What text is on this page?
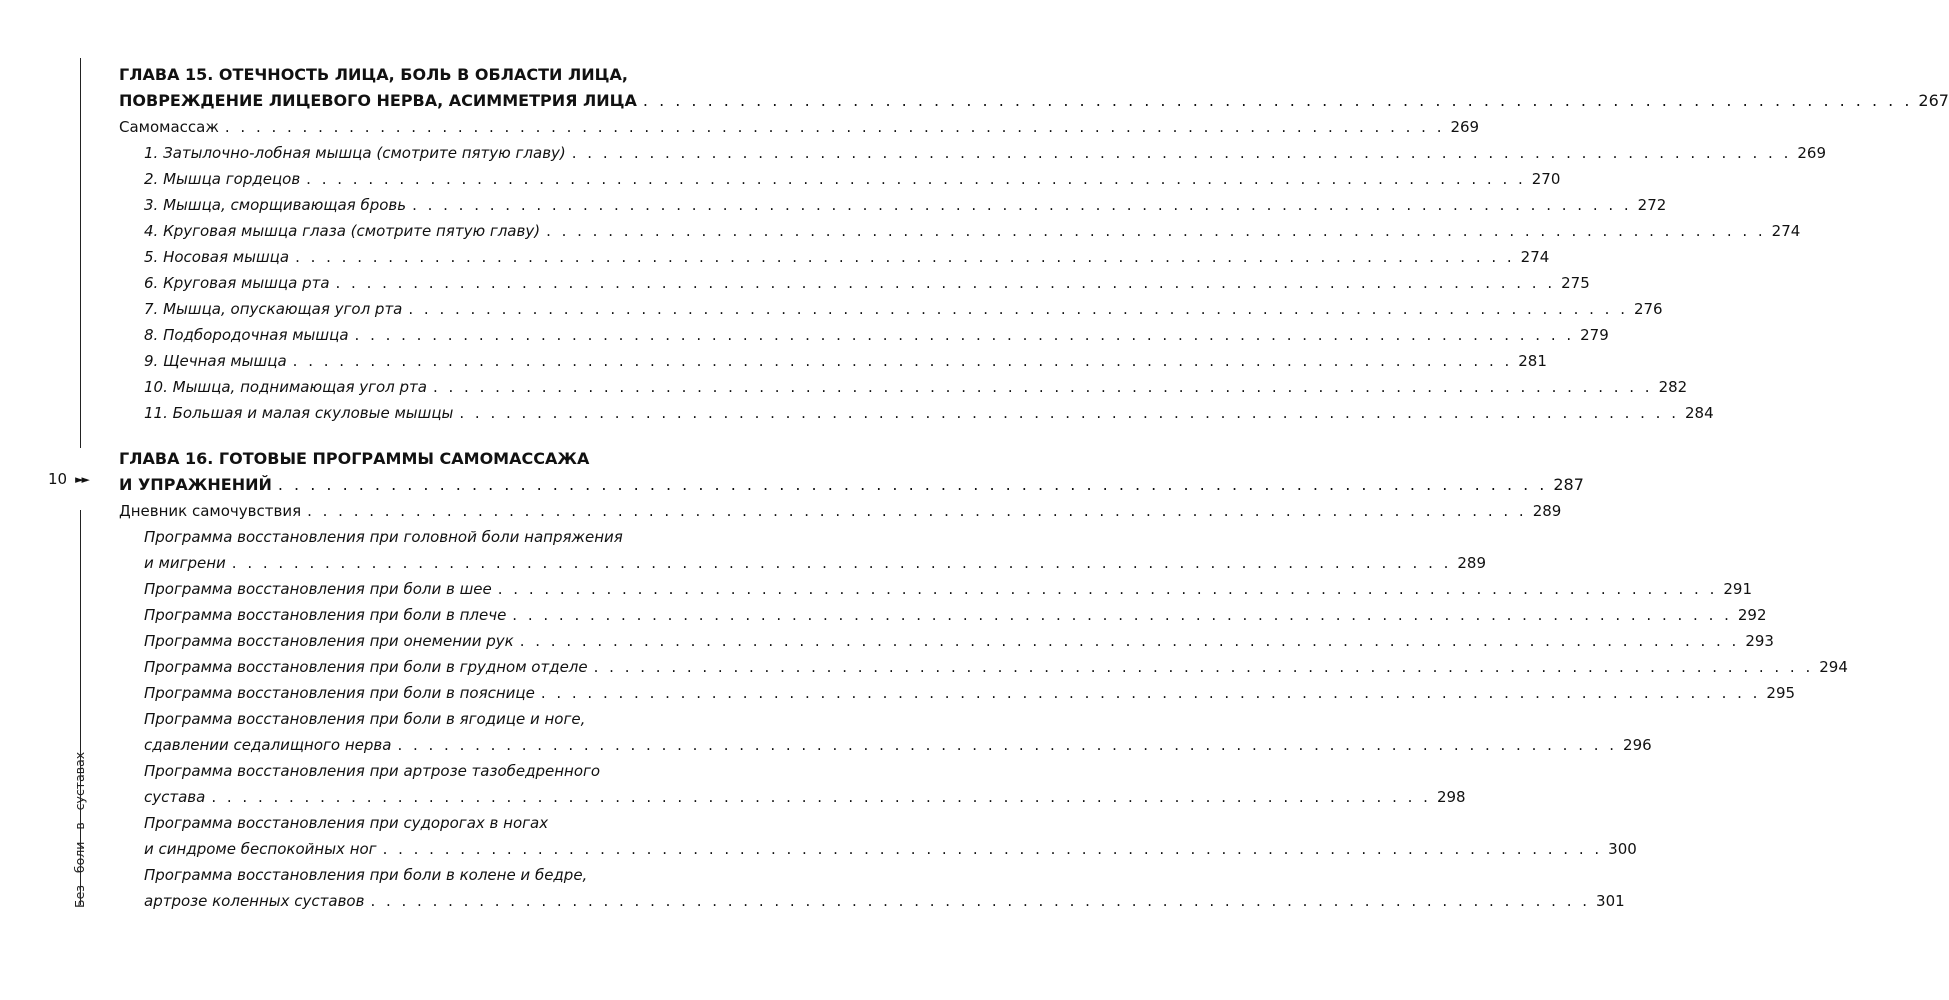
10 ►►
Без боли в суставах
ГЛАВА 15. ОТЕЧНОСТЬ ЛИЦА, БОЛЬ В ОБЛАСТИ ЛИЦА,
ПОВРЕЖДЕНИЕ ЛИЦЕВОГО НЕРВА, АСИММЕТРИЯ ЛИЦА . . . . . . . . . . . . . . . . . . . . . . . . . . . . . . . . . . . . . . . . . . . . . . . . . . . . . . . . . . . . . . . . . . . . . . . . . . . . . . . 267
Самомассаж . . . . . . . . . . . . . . . . . . . . . . . . . . . . . . . . . . . . . . . . . . . . . . . . . . . . . . . . . . . . . . . . . . . . . . . . . . . . . . . 269
1. Затылочно-лобная мышца (смотрите пятую главу) . . . . . . . . . . . . . . . . . . . . . . . . . . . . . . . . . . . . . . . . . . . . . . . . . . . . . . . . . . . . . . . . . . . . . . . . . . . . . . . 269
2. Мышца гордецов . . . . . . . . . . . . . . . . . . . . . . . . . . . . . . . . . . . . . . . . . . . . . . . . . . . . . . . . . . . . . . . . . . . . . . . . . . . . . . . 270
3. Мышца, сморщивающая бровь . . . . . . . . . . . . . . . . . . . . . . . . . . . . . . . . . . . . . . . . . . . . . . . . . . . . . . . . . . . . . . . . . . . . . . . . . . . . . . . 272
4. Круговая мышца глаза (смотрите пятую главу) . . . . . . . . . . . . . . . . . . . . . . . . . . . . . . . . . . . . . . . . . . . . . . . . . . . . . . . . . . . . . . . . . . . . . . . . . . . . . . . 274
5. Носовая мышца . . . . . . . . . . . . . . . . . . . . . . . . . . . . . . . . . . . . . . . . . . . . . . . . . . . . . . . . . . . . . . . . . . . . . . . . . . . . . . . 274
6. Круговая мышца рта . . . . . . . . . . . . . . . . . . . . . . . . . . . . . . . . . . . . . . . . . . . . . . . . . . . . . . . . . . . . . . . . . . . . . . . . . . . . . . . 275
7. Мышца, опускающая угол рта . . . . . . . . . . . . . . . . . . . . . . . . . . . . . . . . . . . . . . . . . . . . . . . . . . . . . . . . . . . . . . . . . . . . . . . . . . . . . . . 276
8. Подбородочная мышца . . . . . . . . . . . . . . . . . . . . . . . . . . . . . . . . . . . . . . . . . . . . . . . . . . . . . . . . . . . . . . . . . . . . . . . . . . . . . . . 279
9. Щечная мышца . . . . . . . . . . . . . . . . . . . . . . . . . . . . . . . . . . . . . . . . . . . . . . . . . . . . . . . . . . . . . . . . . . . . . . . . . . . . . . . 281
10. Мышца, поднимающая угол рта . . . . . . . . . . . . . . . . . . . . . . . . . . . . . . . . . . . . . . . . . . . . . . . . . . . . . . . . . . . . . . . . . . . . . . . . . . . . . . . 282
11. Большая и малая скуловые мышцы . . . . . . . . . . . . . . . . . . . . . . . . . . . . . . . . . . . . . . . . . . . . . . . . . . . . . . . . . . . . . . . . . . . . . . . . . . . . . . . 284
ГЛАВА 16. ГОТОВЫЕ ПРОГРАММЫ САМОМАССАЖА
И УПРАЖНЕНИЙ . . . . . . . . . . . . . . . . . . . . . . . . . . . . . . . . . . . . . . . . . . . . . . . . . . . . . . . . . . . . . . . . . . . . . . . . . . . . . . . 287
Дневник самочувствия . . . . . . . . . . . . . . . . . . . . . . . . . . . . . . . . . . . . . . . . . . . . . . . . . . . . . . . . . . . . . . . . . . . . . . . . . . . . . . . 289
Программа восстановления при головной боли напряжения
и мигрени . . . . . . . . . . . . . . . . . . . . . . . . . . . . . . . . . . . . . . . . . . . . . . . . . . . . . . . . . . . . . . . . . . . . . . . . . . . . . . . 289
Программа восстановления при боли в шее . . . . . . . . . . . . . . . . . . . . . . . . . . . . . . . . . . . . . . . . . . . . . . . . . . . . . . . . . . . . . . . . . . . . . . . . . . . . . . . 291
Программа восстановления при боли в плече . . . . . . . . . . . . . . . . . . . . . . . . . . . . . . . . . . . . . . . . . . . . . . . . . . . . . . . . . . . . . . . . . . . . . . . . . . . . . . . 292
Программа восстановления при онемении рук . . . . . . . . . . . . . . . . . . . . . . . . . . . . . . . . . . . . . . . . . . . . . . . . . . . . . . . . . . . . . . . . . . . . . . . . . . . . . . . 293
Программа восстановления при боли в грудном отделе . . . . . . . . . . . . . . . . . . . . . . . . . . . . . . . . . . . . . . . . . . . . . . . . . . . . . . . . . . . . . . . . . . . . . . . . . . . . . . . 294
Программа восстановления при боли в пояснице . . . . . . . . . . . . . . . . . . . . . . . . . . . . . . . . . . . . . . . . . . . . . . . . . . . . . . . . . . . . . . . . . . . . . . . . . . . . . . . 295
Программа восстановления при боли в ягодице и ноге,
сдавлении седалищного нерва . . . . . . . . . . . . . . . . . . . . . . . . . . . . . . . . . . . . . . . . . . . . . . . . . . . . . . . . . . . . . . . . . . . . . . . . . . . . . . . 296
Программа восстановления при артрозе тазобедренного
сустава . . . . . . . . . . . . . . . . . . . . . . . . . . . . . . . . . . . . . . . . . . . . . . . . . . . . . . . . . . . . . . . . . . . . . . . . . . . . . . . 298
Программа восстановления при судорогах в ногах
и синдроме беспокойных ног . . . . . . . . . . . . . . . . . . . . . . . . . . . . . . . . . . . . . . . . . . . . . . . . . . . . . . . . . . . . . . . . . . . . . . . . . . . . . . . 300
Программа восстановления при боли в колене и бедре,
артрозе коленных суставов . . . . . . . . . . . . . . . . . . . . . . . . . . . . . . . . . . . . . . . . . . . . . . . . . . . . . . . . . . . . . . . . . . . . . . . . . . . . . . . 301
